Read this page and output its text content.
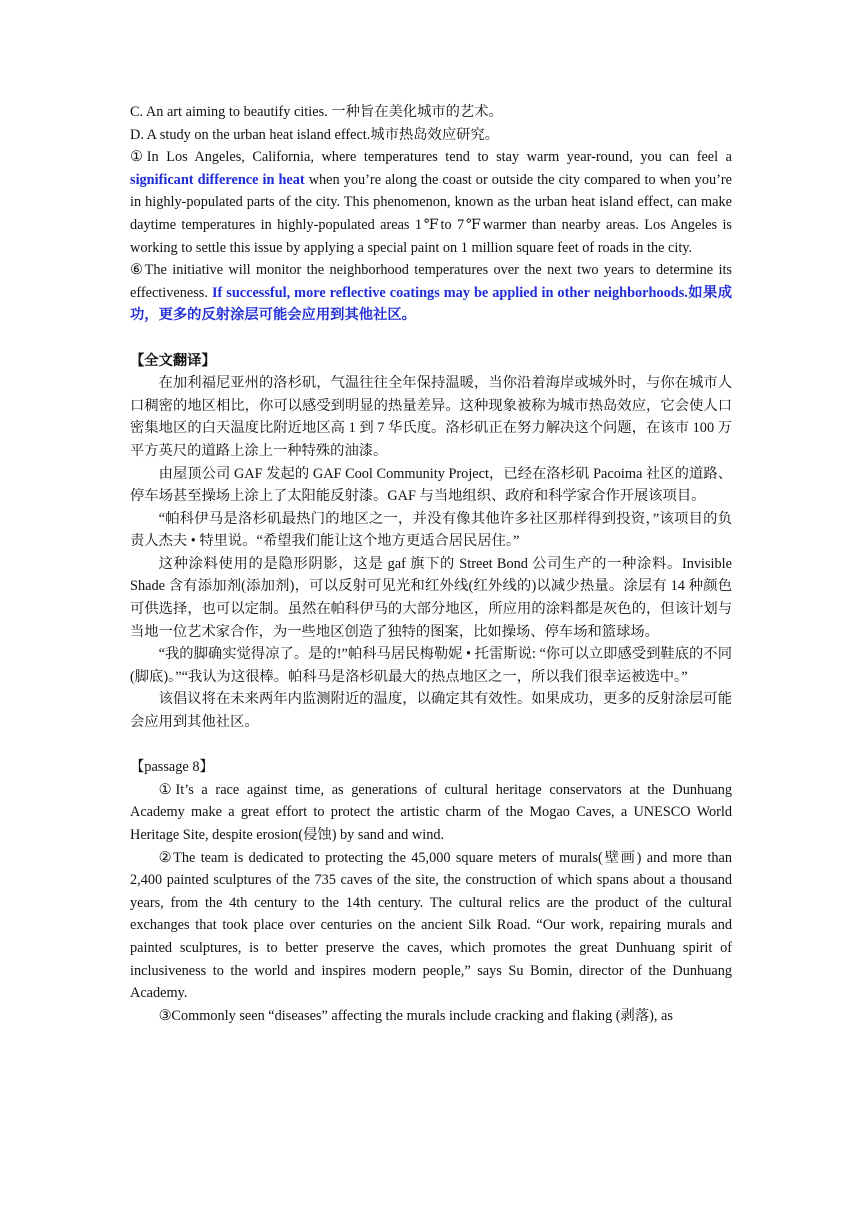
C. An art aiming to beautify cities. 一种旨在美化城市的艺术。

D. A study on the urban heat island effect.城市热岛效应研究。

①In Los Angeles, California, where temperatures tend to stay warm year-round, you can feel a significant difference in heat when you’re along the coast or outside the city compared to when you’re in highly-populated parts of the city. This phenomenon, known as the urban heat island effect, can make daytime temperatures in highly-populated areas 1℉to 7℉warmer than nearby areas. Los Angeles is working to settle this issue by applying a special paint on 1 million square feet of roads in the city.

⑥The initiative will monitor the neighborhood temperatures over the next two years to determine its effectiveness. If successful, more reflective coatings may be applied in other neighborhoods.如果成功，更多的反射涂层可能会应用到其他社区。

【全文翻译】

在加利福尼亚州的洛杉矶，气温往往全年保持温暖，当你沿着海岸或城外时，与你在城市人口稠密的地区相比，你可以感受到明显的热量差异。这种现象被称为城市热岛效应，它会使人口密集地区的白天温度比附近地区高 1 到 7 华氏度。洛杉矶正在努力解决这个问题，在该市 100 万平方英尺的道路上涂上一种特殊的油漆。

由屋顶公司 GAF 发起的 GAF Cool Community Project，已经在洛杉矶 Pacoima 社区的道路、停车场甚至操场上涂上了太阳能反射漆。GAF 与当地组织、政府和科学家合作开展该项目。

“帕科伊马是洛杉矶最热门的地区之一，并没有像其他许多社区那样得到投资，”该项目的负责人杰夫 • 特里说。“希望我们能让这个地方更适合居民居住。”

这种涂料使用的是隐形阴影，这是 gaf 旗下的 Street Bond 公司生产的一种涂料。Invisible Shade 含有添加剂(添加剂)，可以反射可见光和红外线(红外线的)以减少热量。涂层有 14 种颜色可供选择，也可以定制。虽然在帕科伊马的大部分地区，所应用的涂料都是灰色的，但该计划与当地一位艺术家合作，为一些地区创造了独特的图案，比如操场、停车场和篮球场。

“我的脚确实觉得凉了。是的!”帕科马居民梅勒妮 • 托雷斯说: “你可以立即感受到鞋底的不同(脚底)。”“我认为这很棒。帕科马是洛杉矶最大的热点地区之一，所以我们很幸运被选中。”

该倡议将在未来两年内监测附近的温度，以确定其有效性。如果成功，更多的反射涂层可能会应用到其他社区。

【passage 8】

①It’s a race against time, as generations of cultural heritage conservators at the Dunhuang Academy make a great effort to protect the artistic charm of the Mogao Caves, a UNESCO World Heritage Site, despite erosion(侵蚀) by sand and wind.

②The team is dedicated to protecting the 45,000 square meters of murals(壁画) and more than 2,400 painted sculptures of the 735 caves of the site, the construction of which spans about a thousand years, from the 4th century to the 14th century. The cultural relics are the product of the cultural exchanges that took place over centuries on the ancient Silk Road. “Our work, repairing murals and painted sculptures, is to better preserve the caves, which promotes the great Dunhuang spirit of inclusiveness to the world and inspires modern people,” says Su Bomin, director of the Dunhuang Academy.

③Commonly seen “diseases” affecting the murals include cracking and flaking (剥落), as
